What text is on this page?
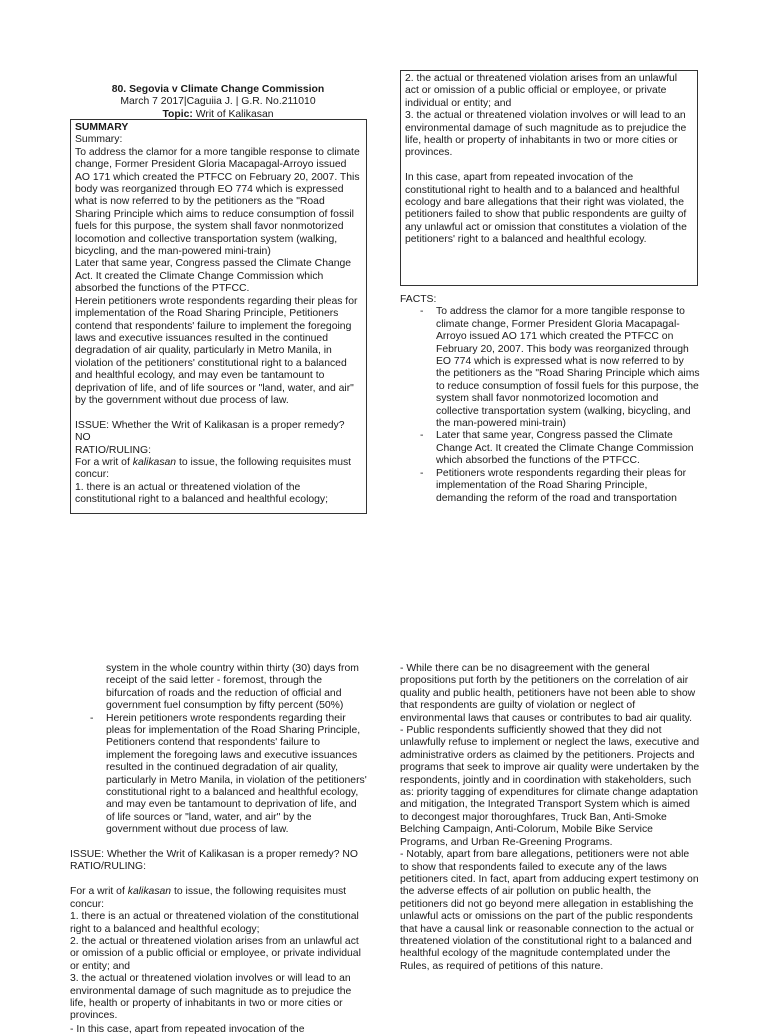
80. Segovia v Climate Change Commission
March 7 2017|Caguiia J. | G.R. No.211010
Topic: Writ of Kalikasan
SUMMARY

Summary:
To address the clamor for a more tangible response to climate change, Former President Gloria Macapagal-Arroyo issued AO 171 which created the PTFCC on February 20, 2007. This body was reorganized through EO 774 which is expressed what is now referred to by the petitioners as the "Road Sharing Principle which aims to reduce consumption of fossil fuels for this purpose, the system shall favor nonmotorized locomotion and collective transportation system (walking, bicycling, and the man-powered mini-train)
Later that same year, Congress passed the Climate Change Act. It created the Climate Change Commission which absorbed the functions of the PTFCC.
Herein petitioners wrote respondents regarding their pleas for implementation of the Road Sharing Principle, Petitioners contend that respondents' failure to implement the foregoing laws and executive issuances resulted in the continued degradation of air quality, particularly in Metro Manila, in violation of the petitioners' constitutional right to a balanced and healthful ecology, and may even be tantamount to deprivation of life, and of life sources or "land, water, and air" by the government without due process of law.

ISSUE: Whether the Writ of Kalikasan is a proper remedy? NO

RATIO/RULING:

For a writ of kalikasan to issue, the following requisites must concur:

1. there is an actual or threatened violation of the constitutional right to a balanced and healthful ecology;

2. the actual or threatened violation arises from an unlawful act or omission of a public official or employee, or private individual or entity; and

3. the actual or threatened violation involves or will lead to an environmental damage of such magnitude as to prejudice the life, health or property of inhabitants in two or more cities or provinces.

In this case, apart from repeated invocation of the constitutional right to health and to a balanced and healthful ecology and bare allegations that their right was violated, the petitioners failed to show that public respondents are guilty of any unlawful act or omission that constitutes a violation of the petitioners' right to a balanced and healthful ecology.

FACTS:

- To address the clamor for a more tangible response to climate change, Former President Gloria Macapagal-Arroyo issued AO 171 which created the PTFCC on February 20, 2007. This body was reorganized through EO 774 which is expressed what is now referred to by the petitioners as the "Road Sharing Principle which aims to reduce consumption of fossil fuels for this purpose, the system shall favor nonmotorized locomotion and collective transportation system (walking, bicycling, and the man-powered mini-train)
- Later that same year, Congress passed the Climate Change Act. It created the Climate Change Commission which absorbed the functions of the PTFCC.
- Petitioners wrote respondents regarding their pleas for implementation of the Road Sharing Principle, demanding the reform of the road and transportation

system in the whole country within thirty (30) days from receipt of the said letter - foremost, through the bifurcation of roads and the reduction of official and government fuel consumption by fifty percent (50%)

- Herein petitioners wrote respondents regarding their pleas for implementation of the Road Sharing Principle, Petitioners contend that respondents' failure to implement the foregoing laws and executive issuances resulted in the continued degradation of air quality, particularly in Metro Manila, in violation of the petitioners' constitutional right to a balanced and healthful ecology, and may even be tantamount to deprivation of life, and of life sources or "land, water, and air" by the government without due process of law.

ISSUE: Whether the Writ of Kalikasan is a proper remedy? NO

RATIO/RULING:

For a writ of kalikasan to issue, the following requisites must concur:

1. there is an actual or threatened violation of the constitutional right to a balanced and healthful ecology;

2. the actual or threatened violation arises from an unlawful act or omission of a public official or employee, or private individual or entity; and

3. the actual or threatened violation involves or will lead to an environmental damage of such magnitude as to prejudice the life, health or property of inhabitants in two or more cities or provinces.

- In this case, apart from repeated invocation of the

- While there can be no disagreement with the general propositions put forth by the petitioners on the correlation of air quality and public health, petitioners have not been able to show that respondents are guilty of violation or neglect of environmental laws that causes or contributes to bad air quality.

- Public respondents sufficiently showed that they did not unlawfully refuse to implement or neglect the laws, executive and administrative orders as claimed by the petitioners. Projects and programs that seek to improve air quality were undertaken by the respondents, jointly and in coordination with stakeholders, such as: priority tagging of expenditures for climate change adaptation and mitigation, the Integrated Transport System which is aimed to decongest major thoroughfares, Truck Ban, Anti-Smoke Belching Campaign, Anti-Colorum, Mobile Bike Service Programs, and Urban Re-Greening Programs.

- Notably, apart from bare allegations, petitioners were not able to show that respondents failed to execute any of the laws petitioners cited. In fact, apart from adducing expert testimony on the adverse effects of air pollution on public health, the petitioners did not go beyond mere allegation in establishing the unlawful acts or omissions on the part of the public respondents that have a causal link or reasonable connection to the actual or threatened violation of the constitutional right to a balanced and healthful ecology of the magnitude contemplated under the Rules, as required of petitions of this nature.
